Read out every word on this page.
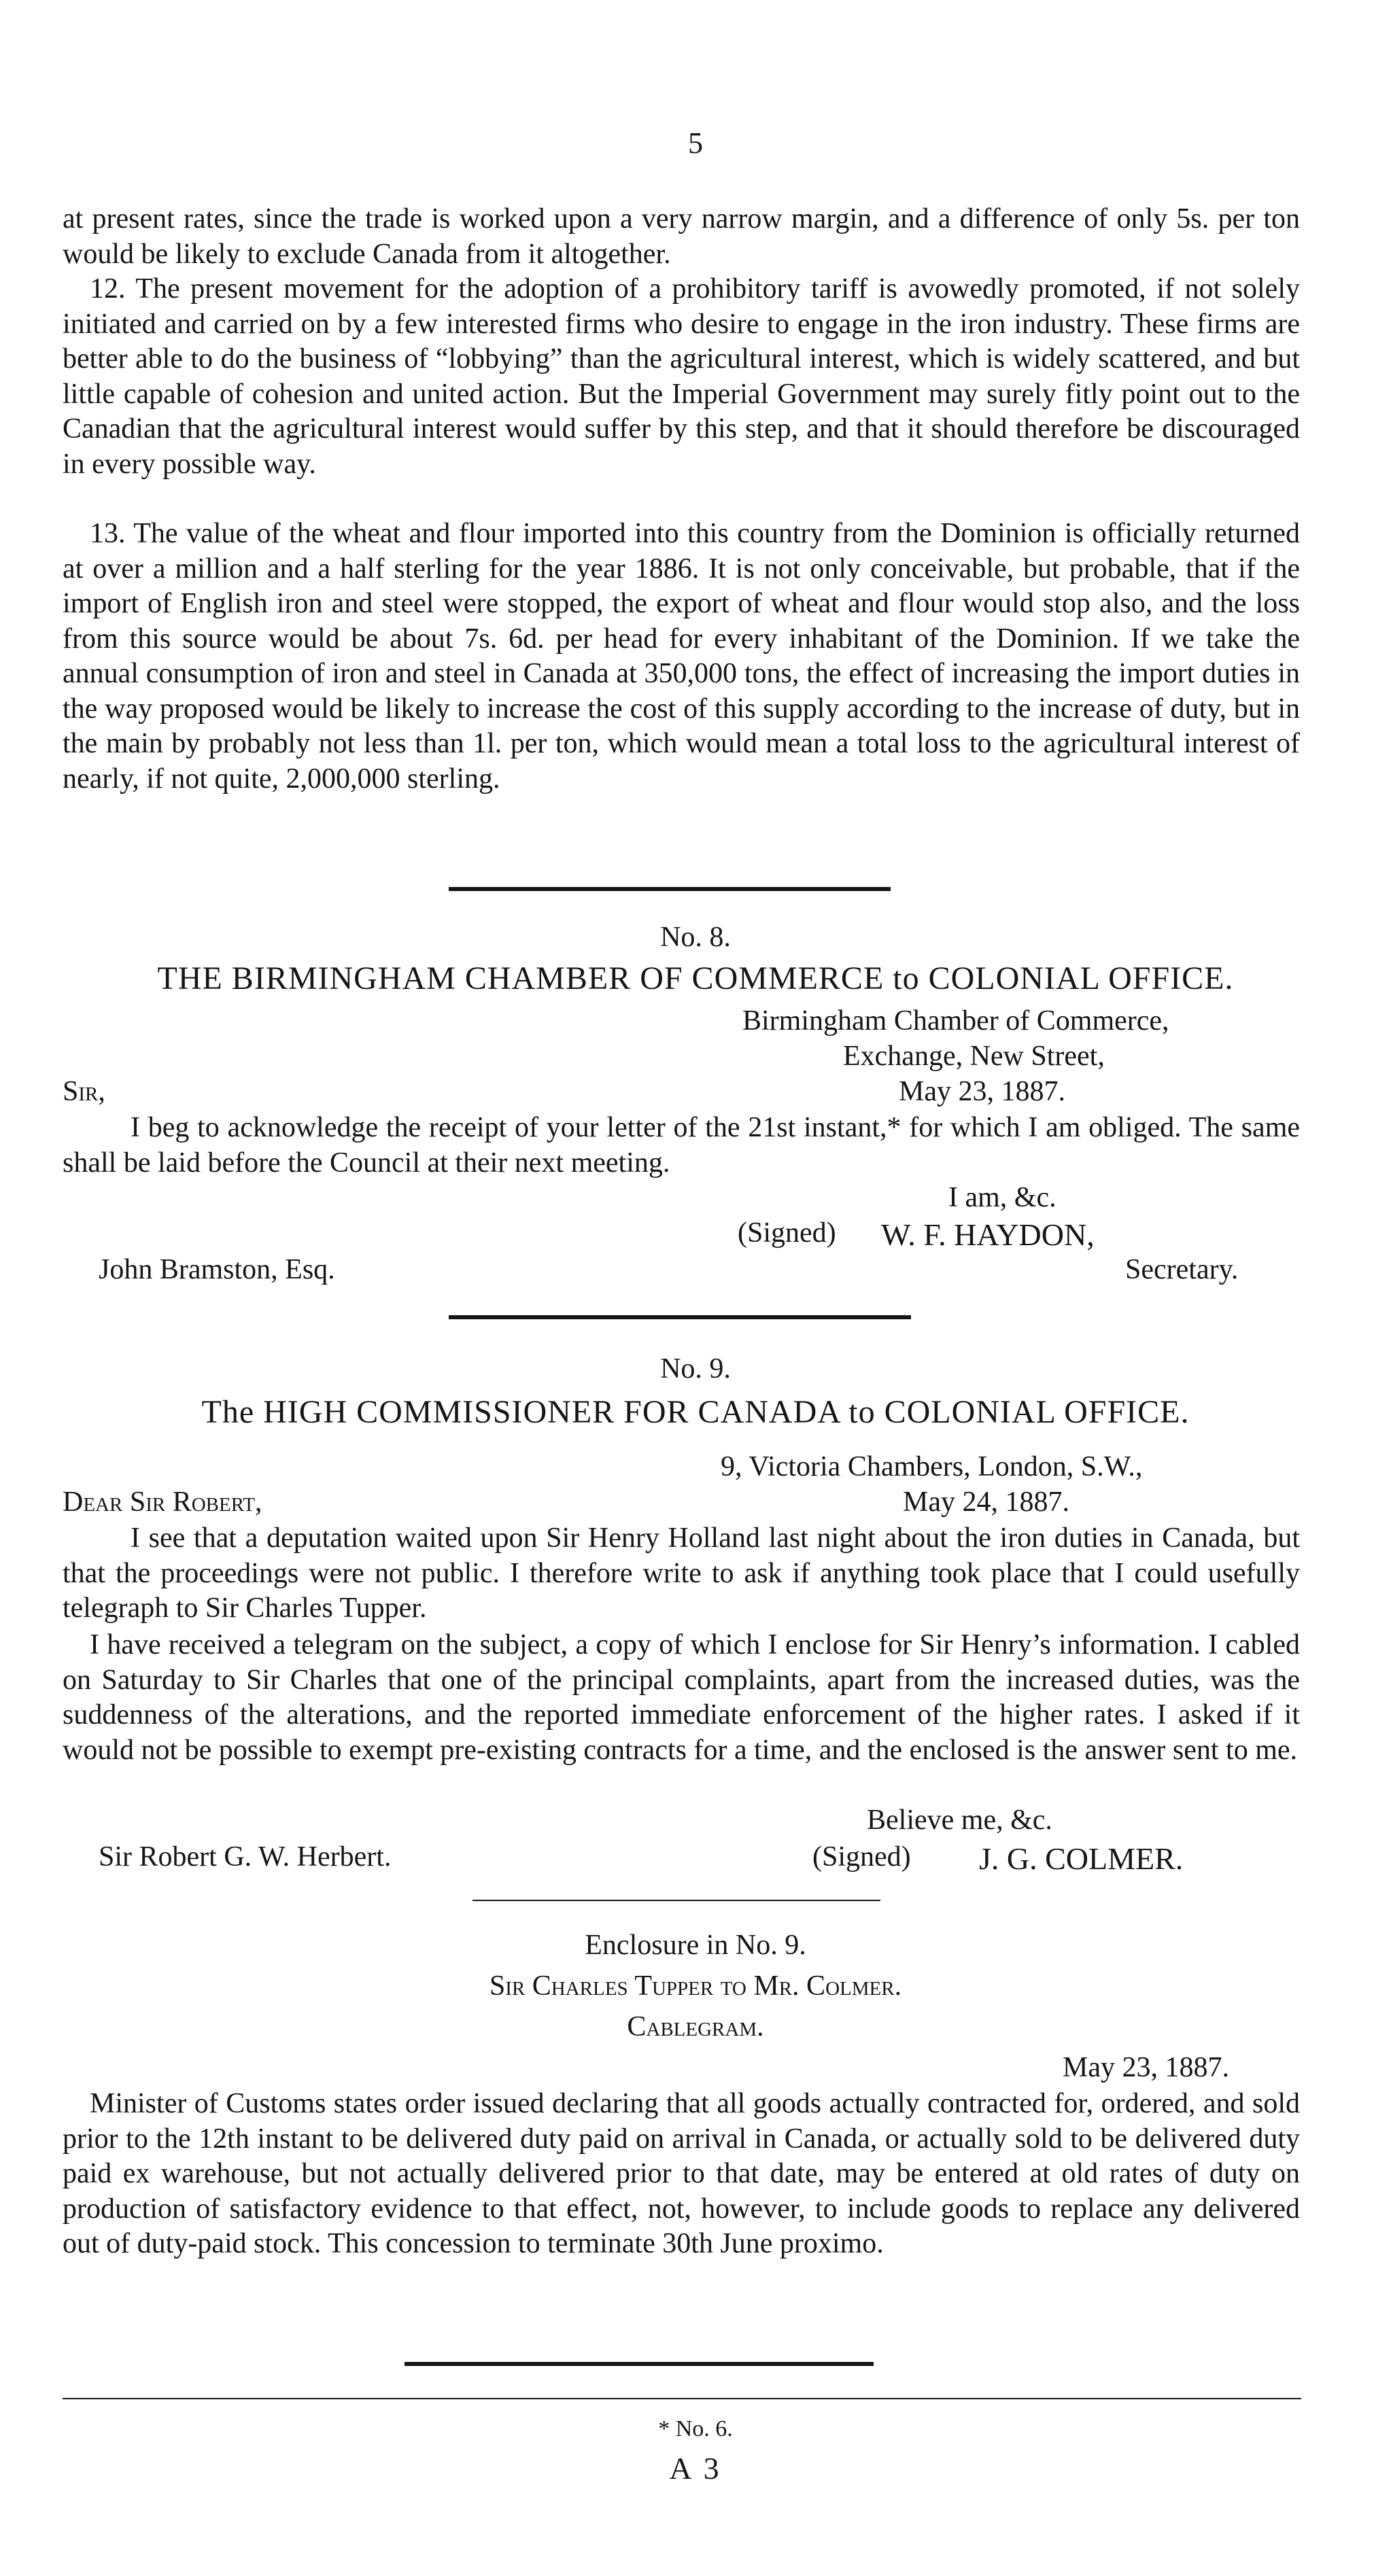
5
at present rates, since the trade is worked upon a very narrow margin, and a difference of only 5s. per ton would be likely to exclude Canada from it altogether.
12. The present movement for the adoption of a prohibitory tariff is avowedly promoted, if not solely initiated and carried on by a few interested firms who desire to engage in the iron industry. These firms are better able to do the business of “lobbying” than the agricultural interest, which is widely scattered, and but little capable of cohesion and united action. But the Imperial Government may surely fitly point out to the Canadian that the agricultural interest would suffer by this step, and that it should therefore be discouraged in every possible way.
13. The value of the wheat and flour imported into this country from the Dominion is officially returned at over a million and a half sterling for the year 1886. It is not only conceivable, but probable, that if the import of English iron and steel were stopped, the export of wheat and flour would stop also, and the loss from this source would be about 7s. 6d. per head for every inhabitant of the Dominion. If we take the annual consumption of iron and steel in Canada at 350,000 tons, the effect of increasing the import duties in the way proposed would be likely to increase the cost of this supply according to the increase of duty, but in the main by probably not less than 1l. per ton, which would mean a total loss to the agricultural interest of nearly, if not quite, 2,000,000 sterling.
No. 8.
THE BIRMINGHAM CHAMBER OF COMMERCE to COLONIAL OFFICE.
Birmingham Chamber of Commerce,
Exchange, New Street,
Sir,	May 23, 1887.
I beg to acknowledge the receipt of your letter of the 21st instant,* for which I am obliged. The same shall be laid before the Council at their next meeting.
I am, &c.
(Signed) W. F. HAYDON,
John Bramston, Esq.	Secretary.
No. 9.
The HIGH COMMISSIONER FOR CANADA to COLONIAL OFFICE.
9, Victoria Chambers, London, S.W.,
Dear Sir Robert,	May 24, 1887.
I see that a deputation waited upon Sir Henry Holland last night about the iron duties in Canada, but that the proceedings were not public. I therefore write to ask if anything took place that I could usefully telegraph to Sir Charles Tupper.
I have received a telegram on the subject, a copy of which I enclose for Sir Henry’s information. I cabled on Saturday to Sir Charles that one of the principal complaints, apart from the increased duties, was the suddenness of the alterations, and the reported immediate enforcement of the higher rates. I asked if it would not be possible to exempt pre-existing contracts for a time, and the enclosed is the answer sent to me.
Believe me, &c.
Sir Robert G. W. Herbert.	(Signed) J. G. COLMER.
Enclosure in No. 9.
Sir Charles Tupper to Mr. Colmer.
Cablegram.
May 23, 1887.
Minister of Customs states order issued declaring that all goods actually contracted for, ordered, and sold prior to the 12th instant to be delivered duty paid on arrival in Canada, or actually sold to be delivered duty paid ex warehouse, but not actually delivered prior to that date, may be entered at old rates of duty on production of satisfactory evidence to that effect, not, however, to include goods to replace any delivered out of duty-paid stock. This concession to terminate 30th June proximo.
* No. 6.
A 3
